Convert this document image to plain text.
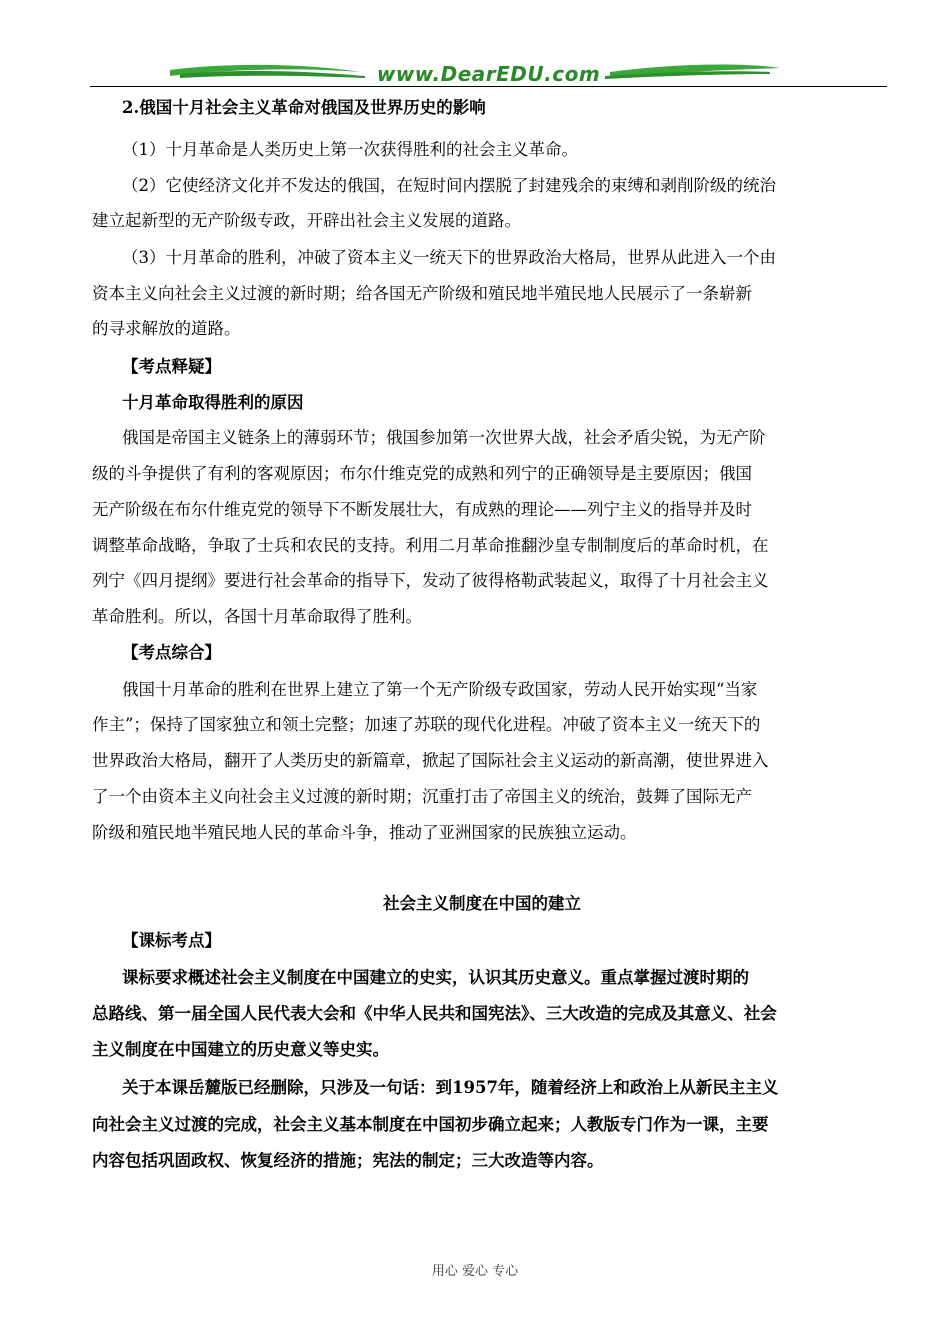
www.DearEDU.com
2.俄国十月社会主义革命对俄国及世界历史的影响
（1）十月革命是人类历史上第一次获得胜利的社会主义革命。
（2）它使经济文化并不发达的俄国，在短时间内摆脱了封建残余的束缚和剥削阶级的统治
建立起新型的无产阶级专政，开辟出社会主义发展的道路。
（3）十月革命的胜利，冲破了资本主义一统天下的世界政治大格局，世界从此进入一个由
资本主义向社会主义过渡的新时期；给各国无产阶级和殖民地半殖民地人民展示了一条崭新
的寻求解放的道路。
【考点释疑】
十月革命取得胜利的原因
俄国是帝国主义链条上的薄弱环节；俄国参加第一次世界大战，社会矛盾尖锐，为无产阶
级的斗争提供了有利的客观原因；布尔什维克党的成熟和列宁的正确领导是主要原因；俄国
无产阶级在布尔什维克党的领导下不断发展壮大，有成熟的理论——列宁主义的指导并及时
调整革命战略，争取了士兵和农民的支持。利用二月革命推翻沙皇专制制度后的革命时机，在
列宁《四月提纲》要进行社会革命的指导下，发动了彼得格勒武装起义，取得了十月社会主义
革命胜利。所以，各国十月革命取得了胜利。
【考点综合】
俄国十月革命的胜利在世界上建立了第一个无产阶级专政国家，劳动人民开始实现“当家
作主”；保持了国家独立和领土完整；加速了苏联的现代化进程。冲破了资本主义一统天下的
世界政治大格局，翻开了人类历史的新篇章，掀起了国际社会主义运动的新高潮，使世界进入
了一个由资本主义向社会主义过渡的新时期；沉重打击了帝国主义的统治，鼓舞了国际无产
阶级和殖民地半殖民地人民的革命斗争，推动了亚洲国家的民族独立运动。
社会主义制度在中国的建立
【课标考点】
课标要求概述社会主义制度在中国建立的史实，认识其历史意义。重点掌握过渡时期的
总路线、第一届全国人民代表大会和《中华人民共和国宪法》、三大改造的完成及其意义、社会
主义制度在中国建立的历史意义等史实。
关于本课岳麓版已经删除，只涉及一句话：到1957年，随着经济上和政治上从新民主主义
向社会主义过渡的完成，社会主义基本制度在中国初步确立起来；人教版专门作为一课，主要
内容包括巩固政权、恢复经济的措施；宪法的制定；三大改造等内容。
用心 爱心 专心
